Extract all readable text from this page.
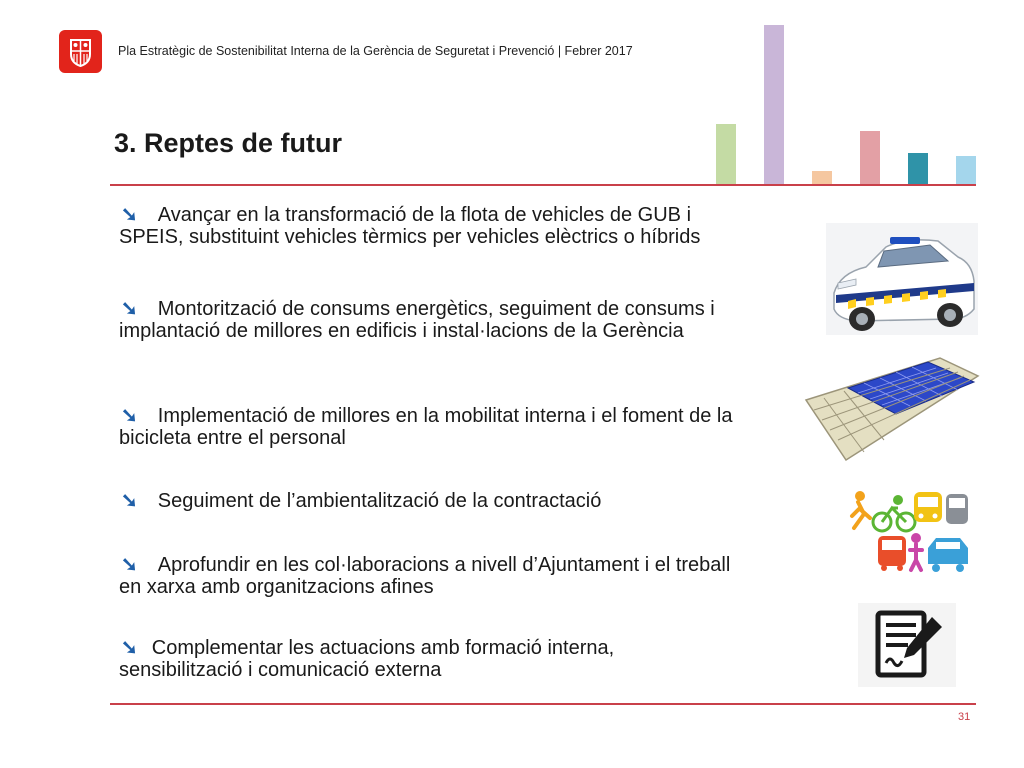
Pla Estratègic de Sostenibilitat Interna de la Gerència de Seguretat i Prevenció | Febrer 2017
3. Reptes de futur
➘ Avançar en la transformació de la flota de vehicles de GUB i SPEIS, substituint vehicles tèrmics per vehicles elèctrics o híbrids
➘ Montorització de consums energètics, seguiment de consums i implantació de millores en edificis i instal·lacions de la Gerència
➘ Implementació de millores en la mobilitat interna i el foment de la bicicleta entre el personal
➘ Seguiment de l’ambientalització de la contractació
➘ Aprofundir en les col·laboracions a nivell d’Ajuntament i el treball en xarxa amb organitzacions afines
➘ Complementar les actuacions amb formació interna, sensibilització i comunicació externa
31
